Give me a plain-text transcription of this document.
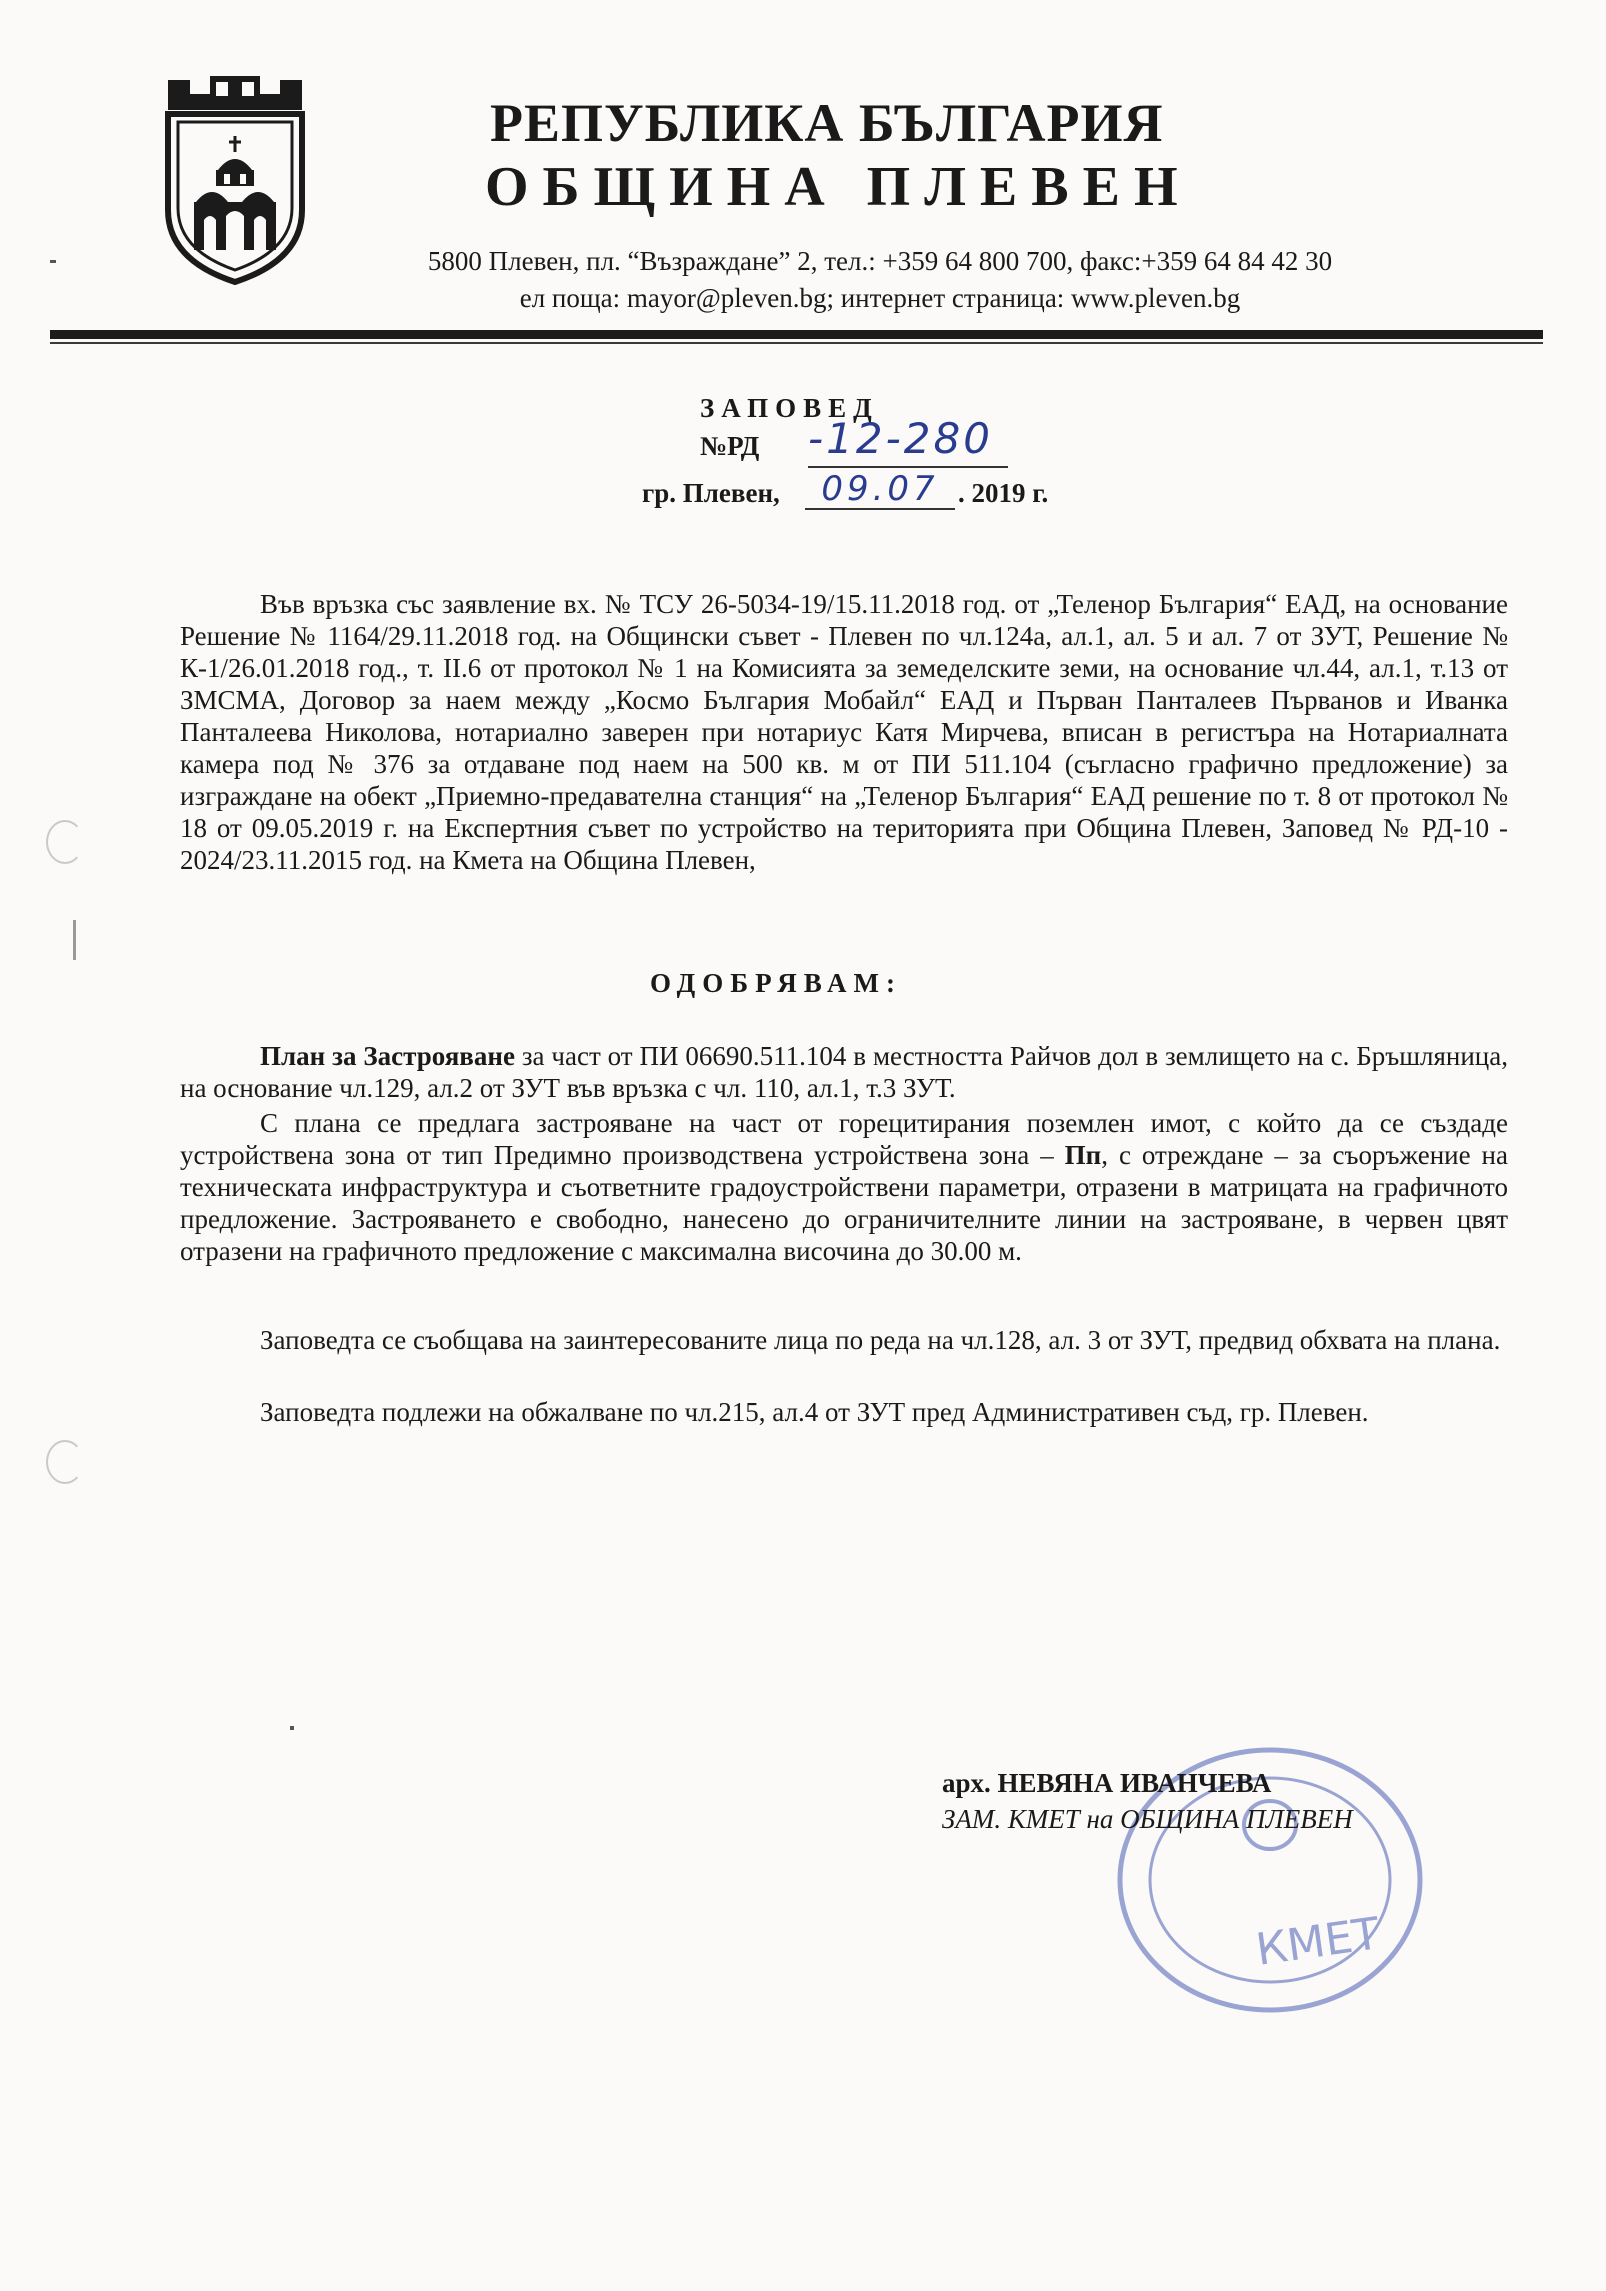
РЕПУБЛИКА БЪЛГАРИЯ
ОБЩИНА ПЛЕВЕН
5800 Плевен, пл. “Възраждане” 2, тел.: +359 64 800 700, факс:+359 64 84 42 30
ел поща: mayor@pleven.bg; интернет страница: www.pleven.bg
ЗАПОВЕД
№РД -12-280
гр. Плевен,	09.07 . 2019 г.
Във връзка със заявление вх. № ТСУ 26-5034-19/15.11.2018 год. от „Теленор България“ ЕАД, на основание Решение № 1164/29.11.2018 год. на Общински съвет - Плевен по чл.124а, ал.1, ал. 5 и ал. 7 от ЗУТ, Решение № К-1/26.01.2018 год., т. II.6 от протокол № 1 на Комисията за земеделските земи, на основание чл.44, ал.1, т.13 от ЗМСМА, Договор за наем между „Космо България Мобайл“ ЕАД и Първан Панталеев Първанов и Иванка Панталеева Николова, нотариално заверен при нотариус Катя Мирчева, вписан в регистъра на Нотариалната камера под № 376 за отдаване под наем на 500 кв. м от ПИ 511.104 (съгласно графично предложение) за изграждане на обект „Приемно-предавателна станция“ на „Теленор България“ ЕАД решение по т. 8 от протокол № 18 от 09.05.2019 г. на Експертния съвет по устройство на територията при Община Плевен, Заповед № РД-10 - 2024/23.11.2015 год. на Кмета на Община Плевен,
ОДОБРЯВАМ:
План за Застрояване за част от ПИ 06690.511.104 в местността Райчов дол в землището на с. Бръшляница, на основание чл.129, ал.2 от ЗУТ във връзка с чл. 110, ал.1, т.3 ЗУТ.
С плана се предлага застрояване на част от горецитирания поземлен имот, с който да се създаде устройствена зона от тип Предимно производствена устройствена зона – Пп, с отреждане – за съоръжение на техническата инфраструктура и съответните градоустройствени параметри, отразени в матрицата на графичното предложение. Застрояването е свободно, нанесено до ограничителните линии на застрояване, в червен цвят отразени на графичното предложение с максимална височина до 30.00 м.
Заповедта се съобщава на заинтересованите лица по реда на чл.128, ал. 3 от ЗУТ, предвид обхвата на плана.
Заповедта подлежи на обжалване по чл.215, ал.4 от ЗУТ пред Административен съд, гр. Плевен.
КМЕТ
арх. НЕВЯНА ИВАНЧЕВА
ЗАМ. КМЕТ на ОБЩИНА ПЛЕВЕН
